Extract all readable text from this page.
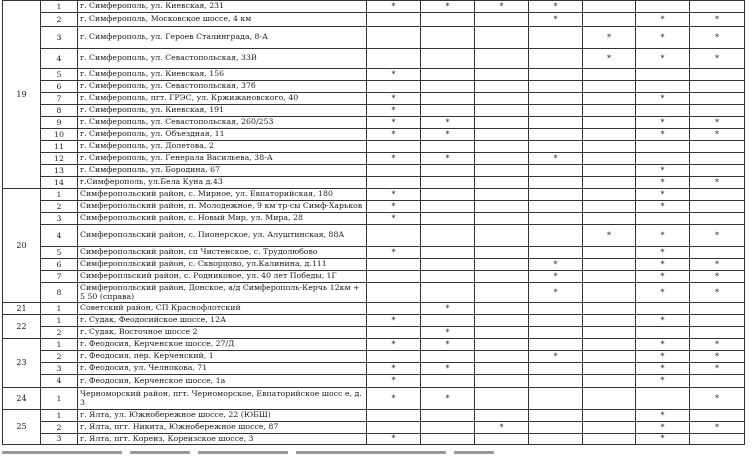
19	1	г. Симферополь, ул. Киевская, 231	*	*	*	*			
	2	г. Симферополь, Московское шоссе, 4 км				*		*	*
	3	г. Симферополь, ул. Героев Сталинграда, 8-А					*	*	*
	4	г. Симферополь, ул. Севастопольская, 33В					*	*	*
	5	г. Симферополь, ул. Киевская, 156	*						
	6	г. Симферополь, ул. Севастопольская, 37б							
	7	г. Симферополь, пгт. ГРЭС, ул. Кржижановского, 40	*					*	
	8	г. Симферополь, ул. Киевская, 191	*						
	9	г. Симферополь, ул. Севастопольская, 260/253	*	*				*	*
	10	г. Симферополь, ул. Объездная, 11	*	*				*	*
	11	г. Симферополь, ул. Долетова, 2							
	12	г. Симферополь, ул. Генерала Васильева, 38-А	*	*		*			
	13	г. Симферополь, ул. Бородина, 67						*	
	14	г.Симферополь, ул.Бела Куна д.43						*	*
20	1	Симферопольский район, с. Мирное, ул. Евпаторийская, 180	*					*	
	2	Симферопольский район, п. Молодежное, 9 км тр-сы Симф-Харьков	*					*	
	3	Симферопольский район, с. Новый Мир, ул. Мира, 28	*						
	4	Симферопольский район, с. Пионерское, ул. Алуштинская, 88А					*	*	*
	5	Симферопольский район, сп Чистенское, с. Трудолюбово	*					*	
	6	Симферопольский район, с. Скворцово, ул.Калинина, д.111				*		*	*
	7	Симферопльский район, с. Родниковое, ул. 40 лет Победы, 1Г				*		*	*
	8	Симферопольский район, Донское, а/д Симферополь-Керчь 12км + 5 50 (справа)				*		*	*
21	1	Советский район, СП Краснофлотский		*					
22	1	г. Судак, Феодосийское шоссе, 12А	*					*	
	2	г. Судак, Восточное шоссе 2		*					
23	1	г. Феодосия, Керченское шоссе, 27/Д	*	*				*	*
	2	г. Феодосия, пер. Керченский, 1				*		*	*
	3	г. Феодосия, ул. Челнокова, 71	*	*				*	*
	4	г. Феодосия, Керченское шоссе, 1а	*					*	
24	1	Черноморский район, пгт. Черноморское, Евпаторийское шосс е, д. 3	*	*					*
25	1	г. Ялта, ул. Южнобережное шоссе, 22 (ЮБШ)						*	
	2	г. Ялта, пгт. Никита, Южнобережное шоссе, 87			*			*	*
	3	г. Ялта, пгт. Кореиз, Кореизское шоссе, 3	*					*	
